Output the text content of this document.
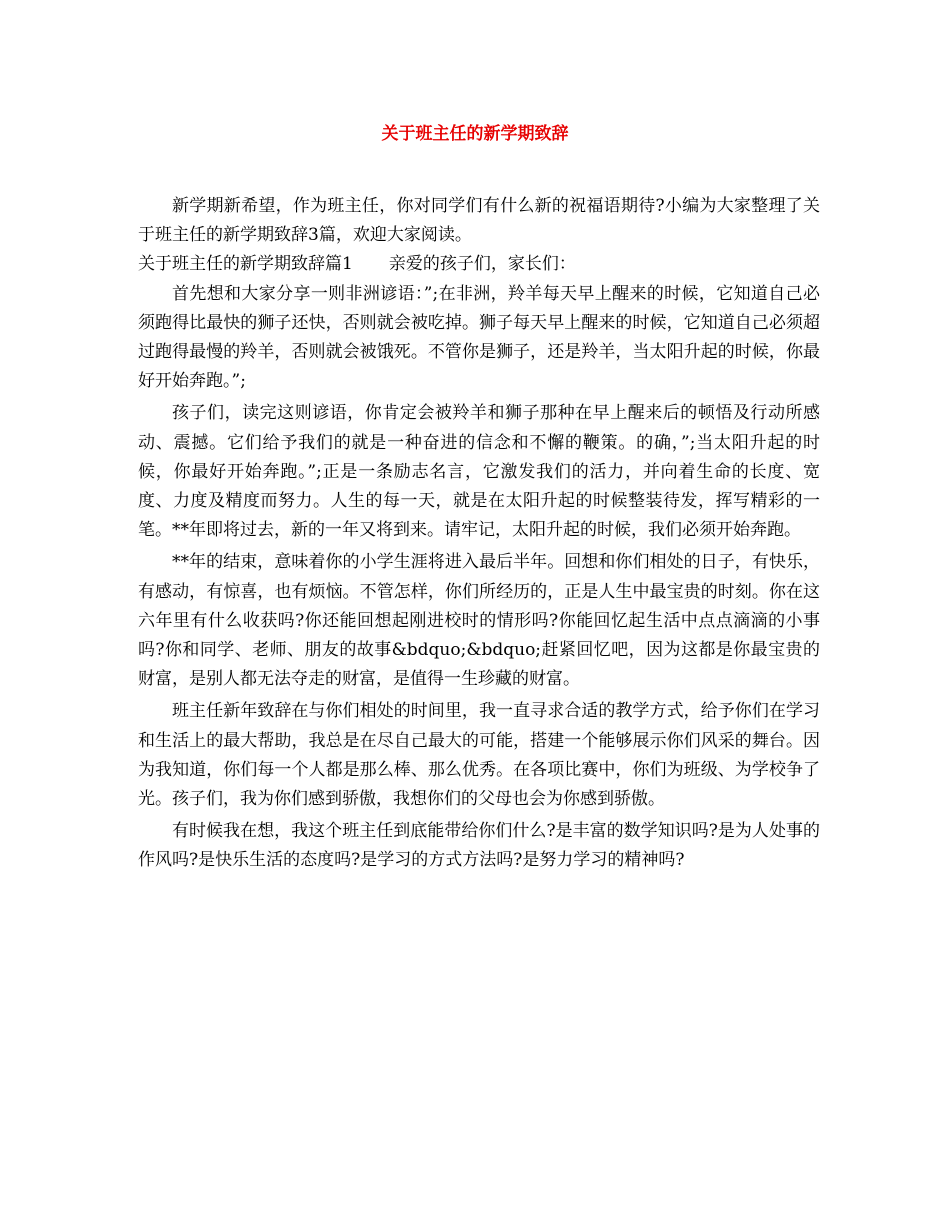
关于班主任的新学期致辞

新学期新希望，作为班主任，你对同学们有什么新的祝福语期待?小编为大家整理了关于班主任的新学期致辞3篇，欢迎大家阅读。

关于班主任的新学期致辞篇1 亲爱的孩子们，家长们：

首先想和大家分享一则非洲谚语：”;在非洲，羚羊每天早上醒来的时候，它知道自己必须跑得比最快的狮子还快，否则就会被吃掉。狮子每天早上醒来的时候，它知道自己必须超过跑得最慢的羚羊，否则就会被饿死。不管你是狮子，还是羚羊，当太阳升起的时候，你最好开始奔跑。”;

孩子们，读完这则谚语，你肯定会被羚羊和狮子那种在早上醒来后的顿悟及行动所感动、震撼。它们给予我们的就是一种奋进的信念和不懈的鞭策。的确，”;当太阳升起的时候，你最好开始奔跑。”;正是一条励志名言，它激发我们的活力，并向着生命的长度、宽度、力度及精度而努力。人生的每一天，就是在太阳升起的时候整装待发，挥写精彩的一笔。**年即将过去，新的一年又将到来。请牢记，太阳升起的时候，我们必须开始奔跑。

**年的结束，意味着你的小学生涯将进入最后半年。回想和你们相处的日子，有快乐，有感动，有惊喜，也有烦恼。不管怎样，你们所经历的，正是人生中最宝贵的时刻。你在这六年里有什么收获吗?你还能回想起刚进校时的情形吗?你能回忆起生活中点点滴滴的小事吗?你和同学、老师、朋友的故事&bdquo;&bdquo;赶紧回忆吧，因为这都是你最宝贵的财富，是别人都无法夺走的财富，是值得一生珍藏的财富。

班主任新年致辞在与你们相处的时间里，我一直寻求合适的教学方式，给予你们在学习和生活上的最大帮助，我总是在尽自己最大的可能，搭建一个能够展示你们风采的舞台。因为我知道，你们每一个人都是那么棒、那么优秀。在各项比赛中，你们为班级、为学校争了光。孩子们，我为你们感到骄傲，我想你们的父母也会为你感到骄傲。

有时候我在想，我这个班主任到底能带给你们什么?是丰富的数学知识吗?是为人处事的作风吗?是快乐生活的态度吗?是学习的方式方法吗?是努力学习的精神吗?
